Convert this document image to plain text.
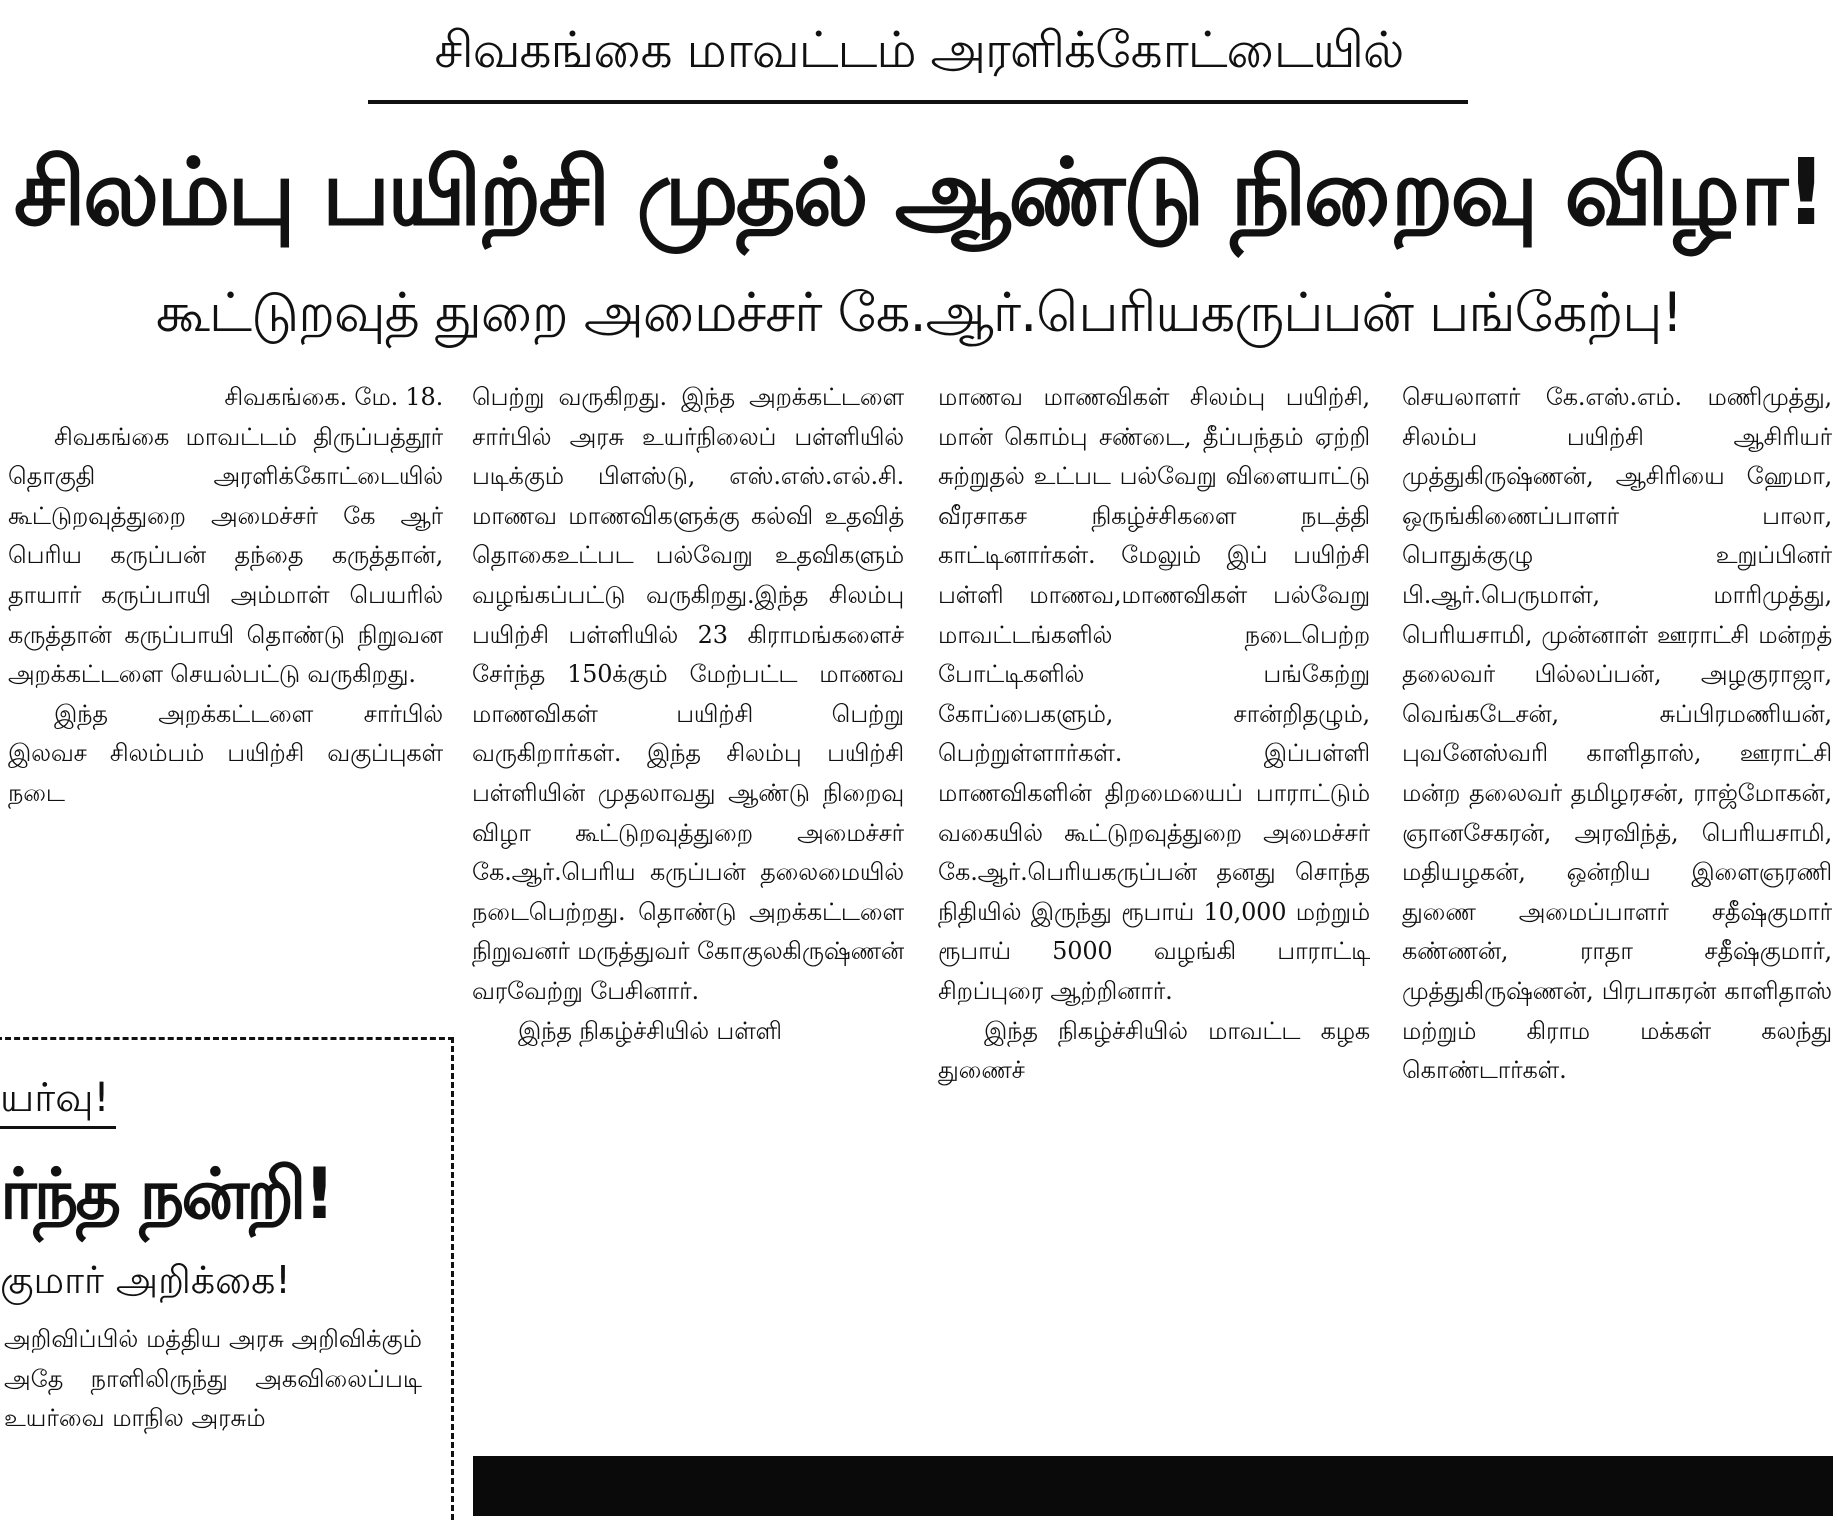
சிவகங்கை மாவட்டம் அரளிக்கோட்டையில்
சிலம்பு பயிற்சி முதல் ஆண்டு நிறைவு விழா!
கூட்டுறவுத் துறை அமைச்சர் கே.ஆர்.பெரியகருப்பன் பங்கேற்பு!

சிவகங்கை. மே. 18.

சிவகங்கை மாவட்டம் திருப்பத்தூர் தொகுதி அரளிக்கோட்டையில் கூட்டுறவுத்துறை அமைச்சர் கே ஆர் பெரிய கருப்பன் தந்தை கருத்தான், தாயார் கருப்பாயி அம்மாள் பெயரில் கருத்தான் கருப்பாயி தொண்டு நிறுவன அறக்கட்டளை செயல்பட்டு வருகிறது.

இந்த அறக்கட்டளை சார்பில் இலவச சிலம்பம் பயிற்சி வகுப்புகள் நடை

பெற்று வருகிறது. இந்த அறக்கட்டளை சார்பில் அரசு உயர்நிலைப் பள்ளியில் படிக்கும் பிளஸ்டு, எஸ்.எஸ்.எல்.சி. மாணவ மாணவிகளுக்கு கல்வி உதவித் தொகைஉட்பட பல்வேறு உதவிகளும் வழங்கப்பட்டு வருகிறது.இந்த சிலம்பு பயிற்சி பள்ளியில் 23 கிராமங்களைச் சேர்ந்த 150க்கும் மேற்பட்ட மாணவ மாணவிகள் பயிற்சி பெற்று வருகிறார்கள். இந்த சிலம்பு பயிற்சி பள்ளியின் முதலாவது ஆண்டு நிறைவு விழா கூட்டுறவுத்துறை அமைச்சர் கே.ஆர்.பெரிய கருப்பன் தலைமையில் நடைபெற்றது. தொண்டு அறக்கட்டளை நிறுவனர் மருத்துவர் கோகுலகிருஷ்ணன் வரவேற்று பேசினார்.

இந்த நிகழ்ச்சியில் பள்ளி

மாணவ மாணவிகள் சிலம்பு பயிற்சி, மான் கொம்பு சண்டை, தீப்பந்தம் ஏற்றி சுற்றுதல் உட்பட பல்வேறு விளையாட்டு வீரசாகச நிகழ்ச்சிகளை நடத்தி காட்டினார்கள். மேலும் இப் பயிற்சி பள்ளி மாணவ,மாணவிகள் பல்வேறு மாவட்டங்களில் நடைபெற்ற போட்டிகளில் பங்கேற்று கோப்பைகளும், சான்றிதழும், பெற்றுள்ளார்கள். இப்பள்ளி மாணவிகளின் திறமையைப் பாராட்டும் வகையில் கூட்டுறவுத்துறை அமைச்சர் கே.ஆர்.பெரியகருப்பன் தனது சொந்த நிதியில் இருந்து ரூபாய் 10,000 மற்றும் ரூபாய் 5000 வழங்கி பாராட்டி சிறப்புரை ஆற்றினார்.

இந்த நிகழ்ச்சியில் மாவட்ட கழக துணைச்

செயலாளர் கே.எஸ்.எம். மணிமுத்து, சிலம்ப பயிற்சி ஆசிரியர் முத்துகிருஷ்ணன், ஆசிரியை ஹேமா, ஒருங்கிணைப்பாளர் பாலா, பொதுக்குழு உறுப்பினர் பி.ஆர்.பெருமாள், மாரிமுத்து, பெரியசாமி, முன்னாள் ஊராட்சி மன்றத் தலைவர் பில்லப்பன், அழகுராஜா, வெங்கடேசன், சுப்பிரமணியன், புவனேஸ்வரி காளிதாஸ், ஊராட்சி மன்ற தலைவர் தமிழரசன், ராஜ்மோகன், ஞானசேகரன், அரவிந்த், பெரியசாமி, மதியழகன், ஒன்றிய இளைஞரணி துணை அமைப்பாளர் சதீஷ்குமார் கண்ணன், ராதா சதீஷ்குமார், முத்துகிருஷ்ணன், பிரபாகரன் காளிதாஸ் மற்றும் கிராம மக்கள் கலந்து கொண்டார்கள்.

யர்வு!
ர்ந்த நன்றி!
குமார் அறிக்கை!
அறிவிப்பில் மத்திய அரசு அறிவிக்கும் அதே நாளிலிருந்து அகவிலைப்படி உயர்வை மாநில அரசும்
